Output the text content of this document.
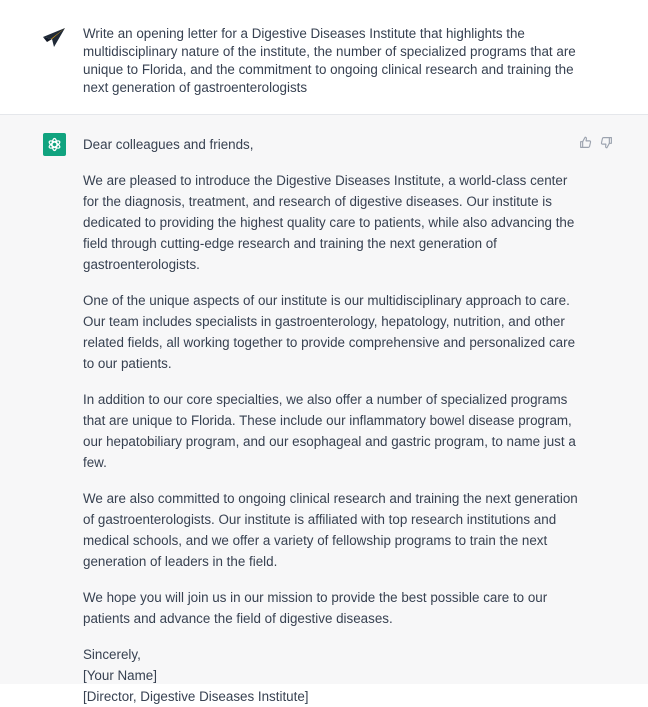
Write an opening letter for a Digestive Diseases Institute that highlights the multidisciplinary nature of the institute, the number of specialized programs that are unique to Florida, and the commitment to ongoing clinical research and training the next generation of gastroenterologists

Dear colleagues and friends,

We are pleased to introduce the Digestive Diseases Institute, a world-class center for the diagnosis, treatment, and research of digestive diseases. Our institute is dedicated to providing the highest quality care to patients, while also advancing the field through cutting-edge research and training the next generation of gastroenterologists.

One of the unique aspects of our institute is our multidisciplinary approach to care. Our team includes specialists in gastroenterology, hepatology, nutrition, and other related fields, all working together to provide comprehensive and personalized care to our patients.

In addition to our core specialties, we also offer a number of specialized programs that are unique to Florida. These include our inflammatory bowel disease program, our hepatobiliary program, and our esophageal and gastric program, to name just a few.

We are also committed to ongoing clinical research and training the next generation of gastroenterologists. Our institute is affiliated with top research institutions and medical schools, and we offer a variety of fellowship programs to train the next generation of leaders in the field.

We hope you will join us in our mission to provide the best possible care to our patients and advance the field of digestive diseases.

Sincerely,

[Your Name]

[Director, Digestive Diseases Institute]
